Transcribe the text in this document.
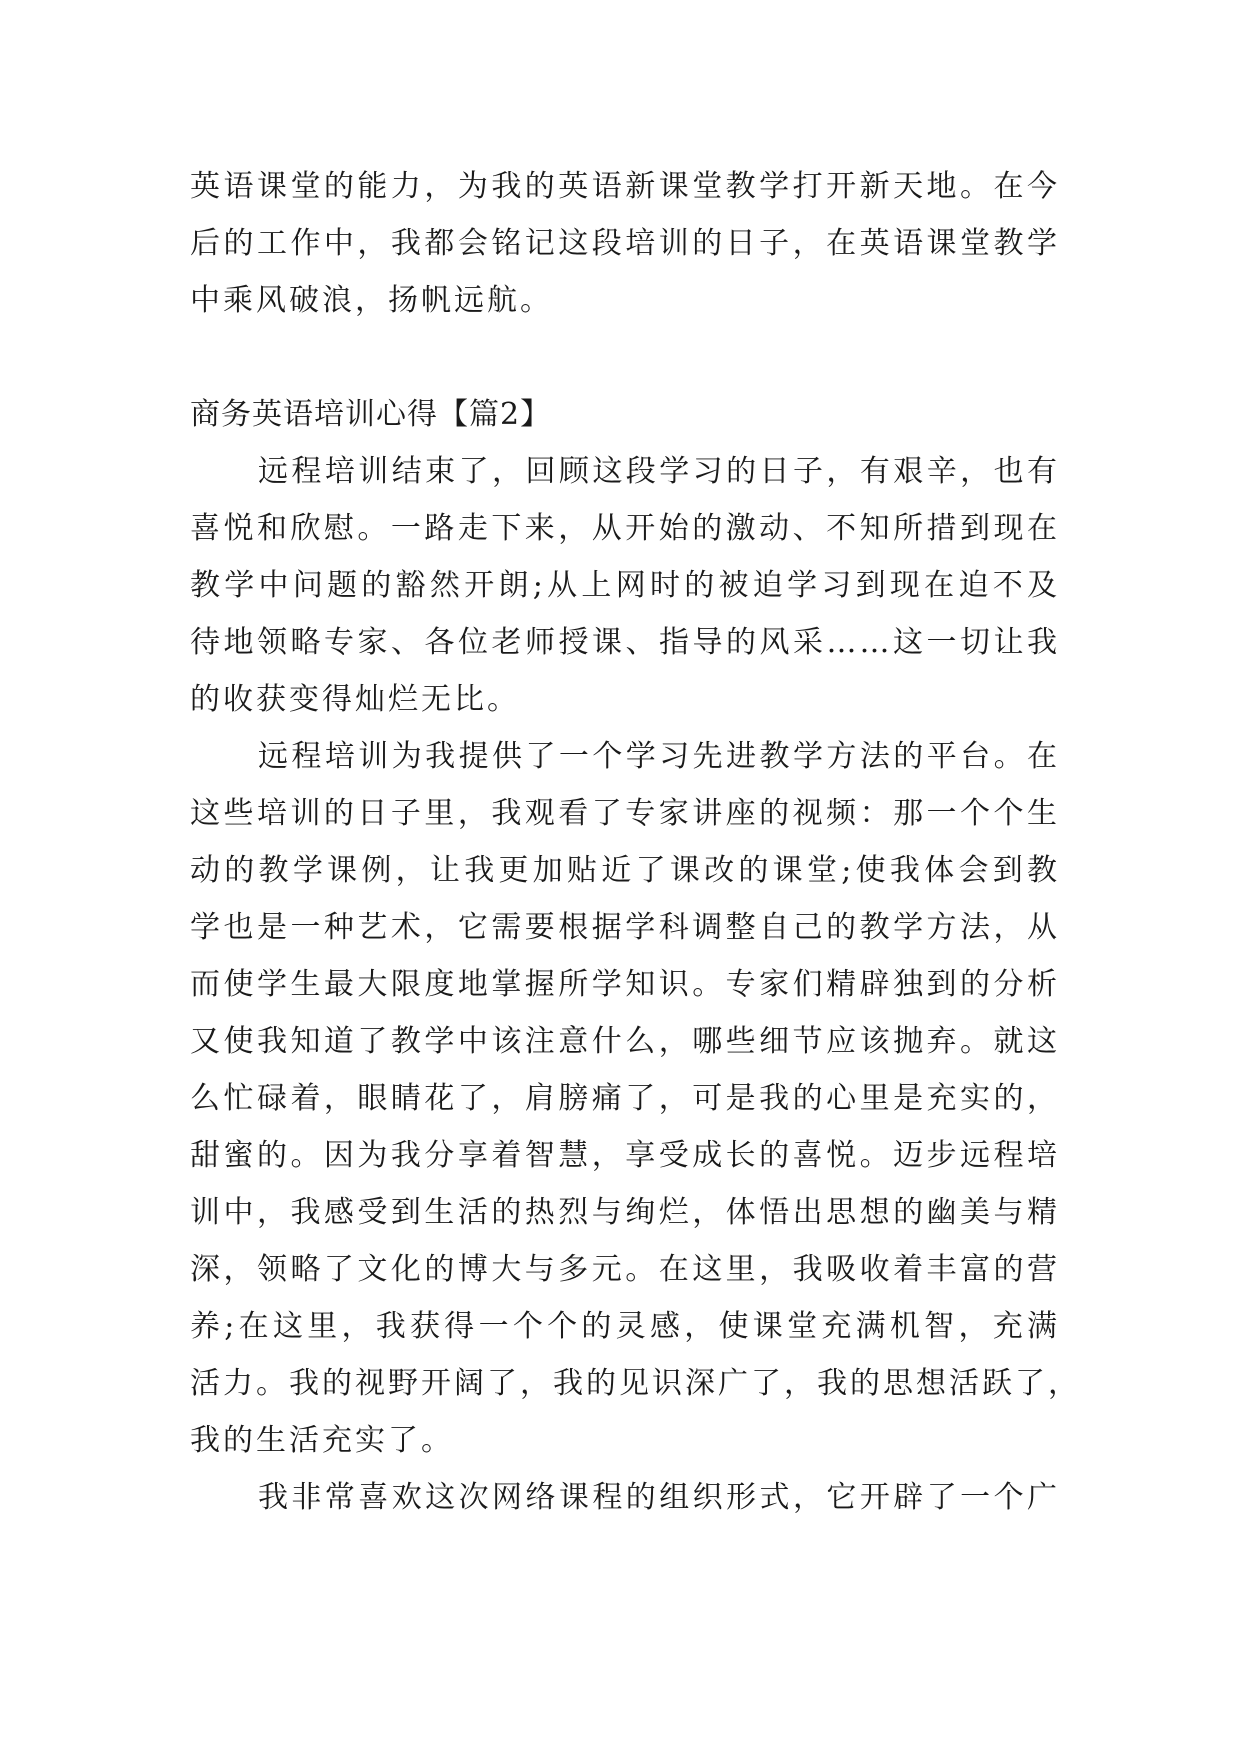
英语课堂的能力，为我的英语新课堂教学打开新天地。在今
后的工作中，我都会铭记这段培训的日子，在英语课堂教学
中乘风破浪，扬帆远航。
商务英语培训心得【篇2】
远程培训结束了，回顾这段学习的日子，有艰辛，也有
喜悦和欣慰。一路走下来，从开始的激动、不知所措到现在
教学中问题的豁然开朗;从上网时的被迫学习到现在迫不及
待地领略专家、各位老师授课、指导的风采……这一切让我
的收获变得灿烂无比。
远程培训为我提供了一个学习先进教学方法的平台。在
这些培训的日子里，我观看了专家讲座的视频：那一个个生
动的教学课例，让我更加贴近了课改的课堂;使我体会到教
学也是一种艺术，它需要根据学科调整自己的教学方法，从
而使学生最大限度地掌握所学知识。专家们精辟独到的分析
又使我知道了教学中该注意什么，哪些细节应该抛弃。就这
么忙碌着，眼睛花了，肩膀痛了，可是我的心里是充实的，
甜蜜的。因为我分享着智慧，享受成长的喜悦。迈步远程培
训中，我感受到生活的热烈与绚烂，体悟出思想的幽美与精
深，领略了文化的博大与多元。在这里，我吸收着丰富的营
养;在这里，我获得一个个的灵感，使课堂充满机智，充满
活力。我的视野开阔了，我的见识深广了，我的思想活跃了，
我的生活充实了。
我非常喜欢这次网络课程的组织形式，它开辟了一个广
